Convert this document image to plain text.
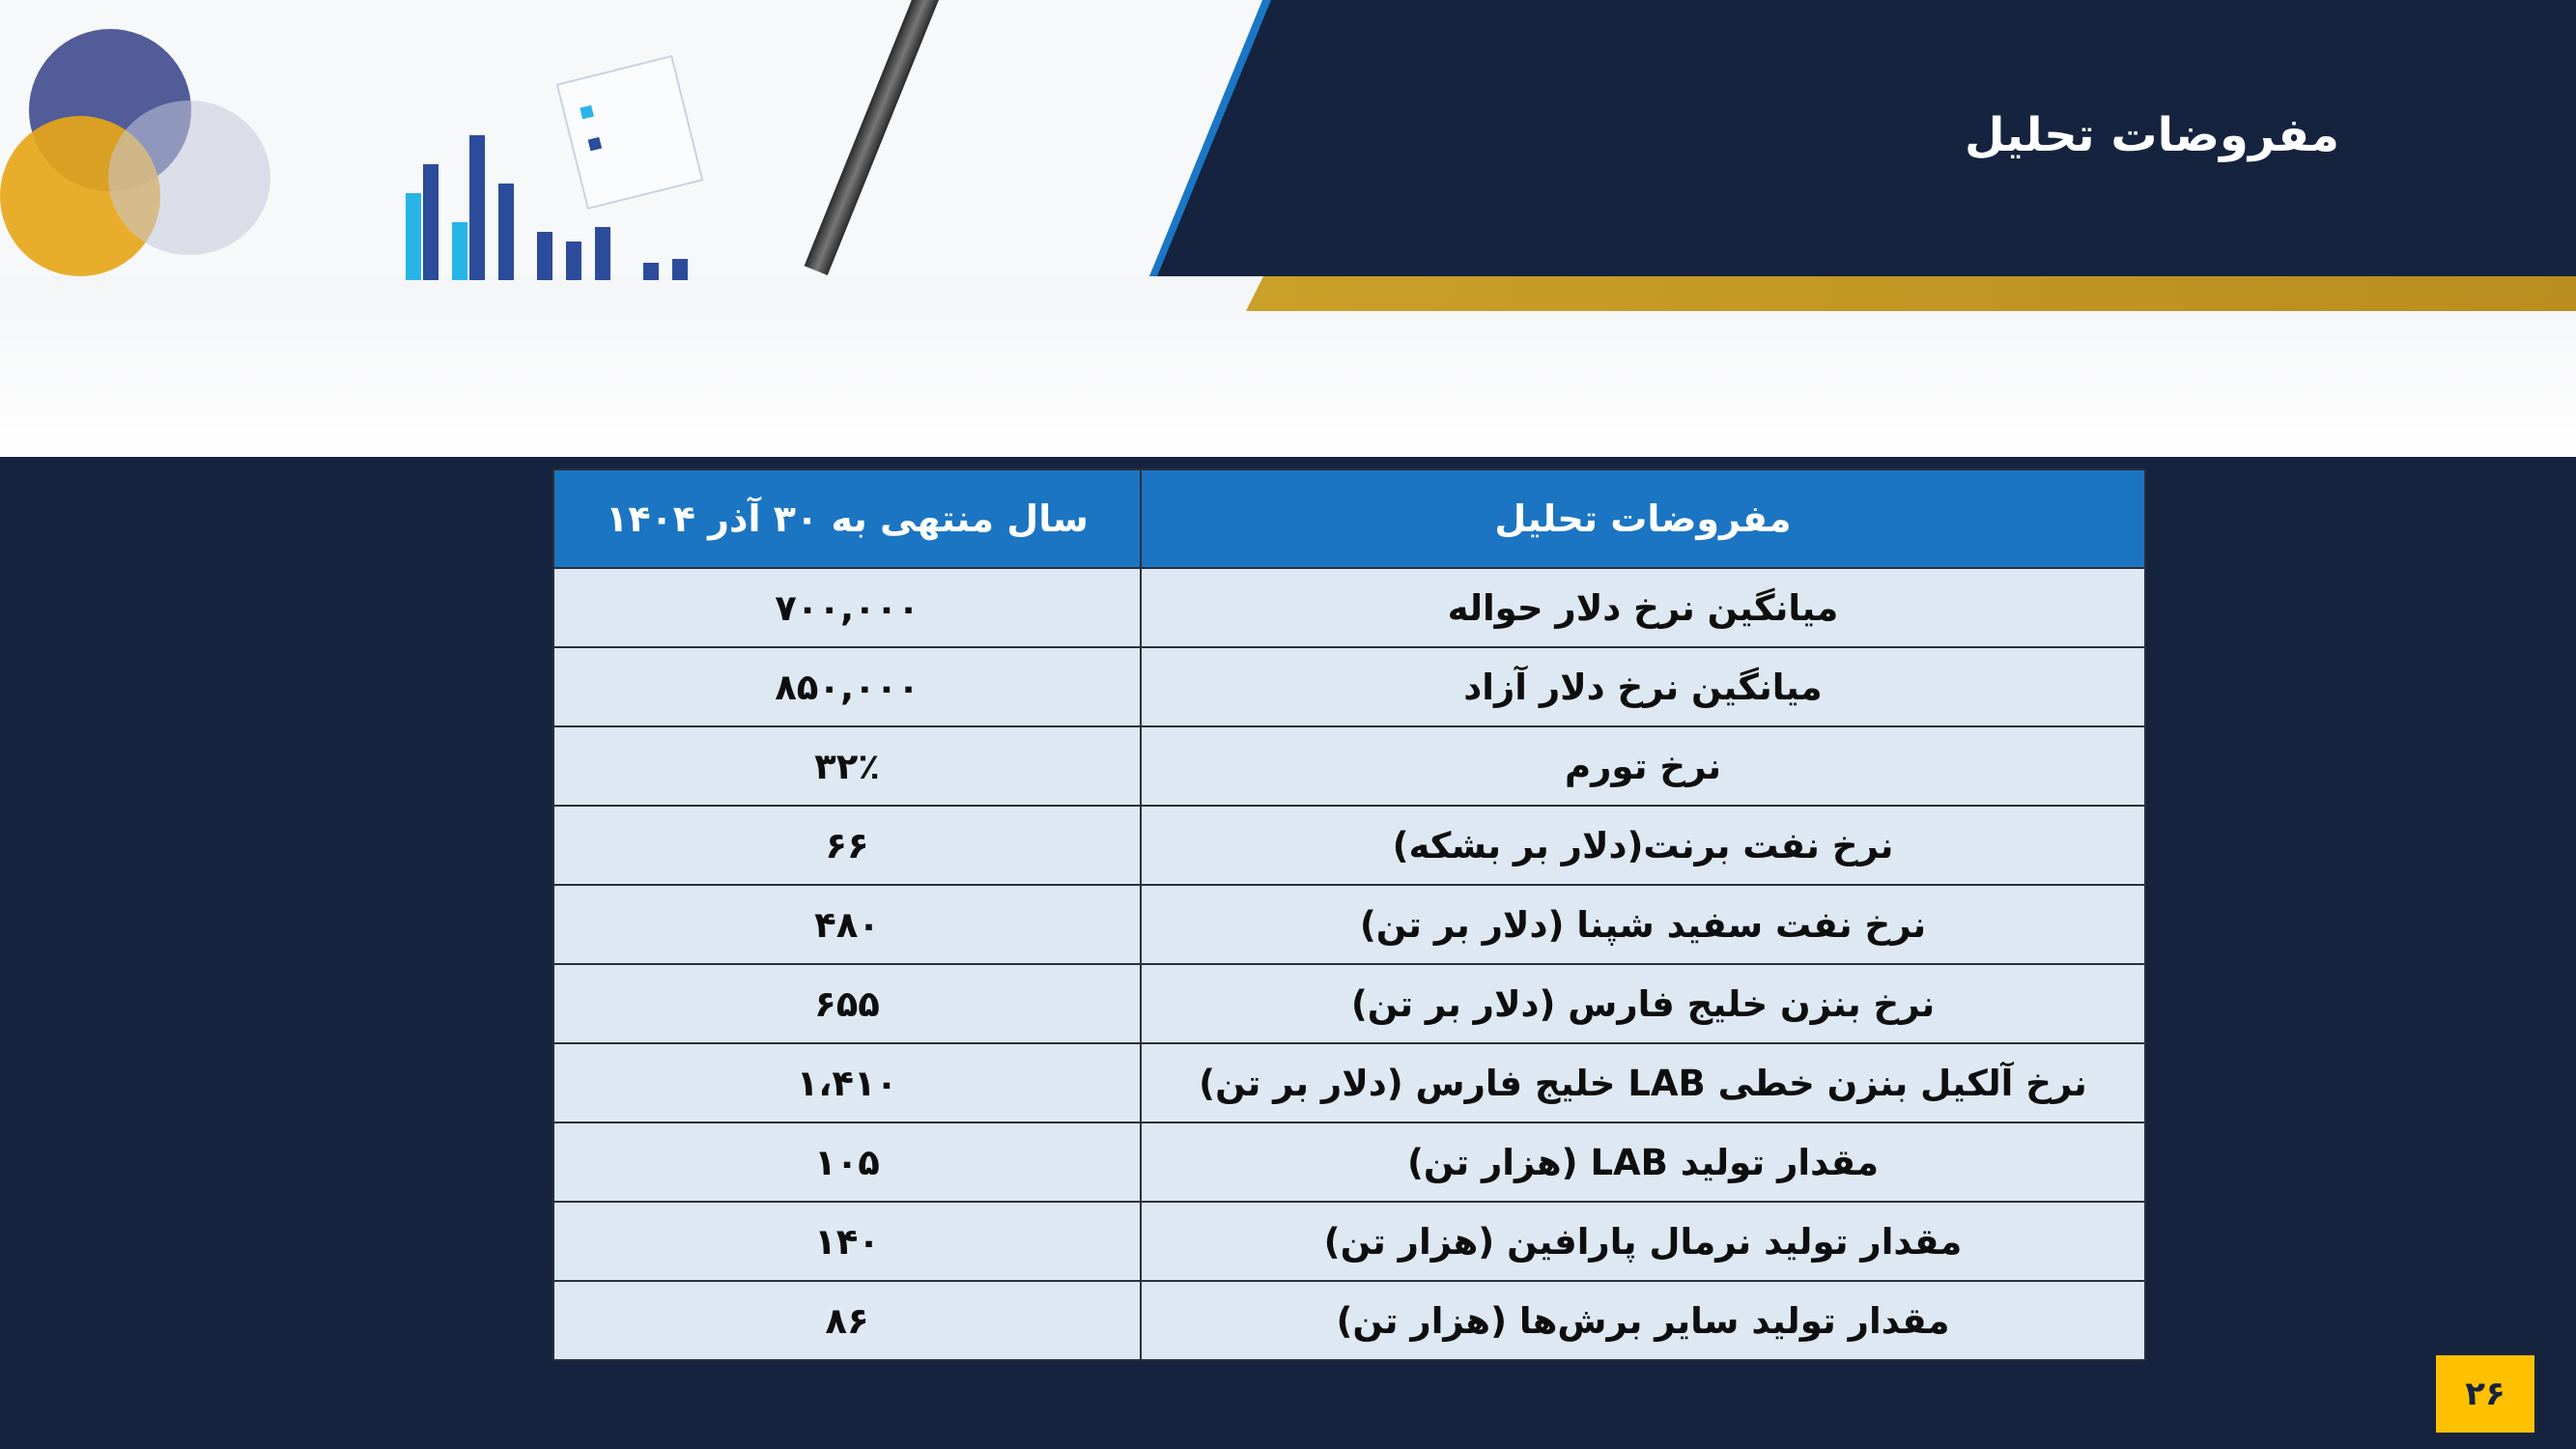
مفروضات تحلیل
مفروضات تحلیل	سال منتهی به ۳۰ آذر ۱۴۰۴
میانگین نرخ دلار حواله	۷۰۰,۰۰۰
میانگین نرخ دلار آزاد	۸۵۰,۰۰۰
نرخ تورم	۳۲٪
نرخ نفت برنت(دلار بر بشکه)	۶۶
نرخ نفت سفید شپنا (دلار بر تن)	۴۸۰
نرخ بنزن خلیج فارس (دلار بر تن)	۶۵۵
نرخ آلکیل بنزن خطی LAB خلیج فارس (دلار بر تن)	۱،۴۱۰
مقدار تولید LAB (هزار تن)	۱۰۵
مقدار تولید نرمال پارافین (هزار تن)	۱۴۰
مقدار تولید سایر برش‌ها (هزار تن)	۸۶
۲۶
